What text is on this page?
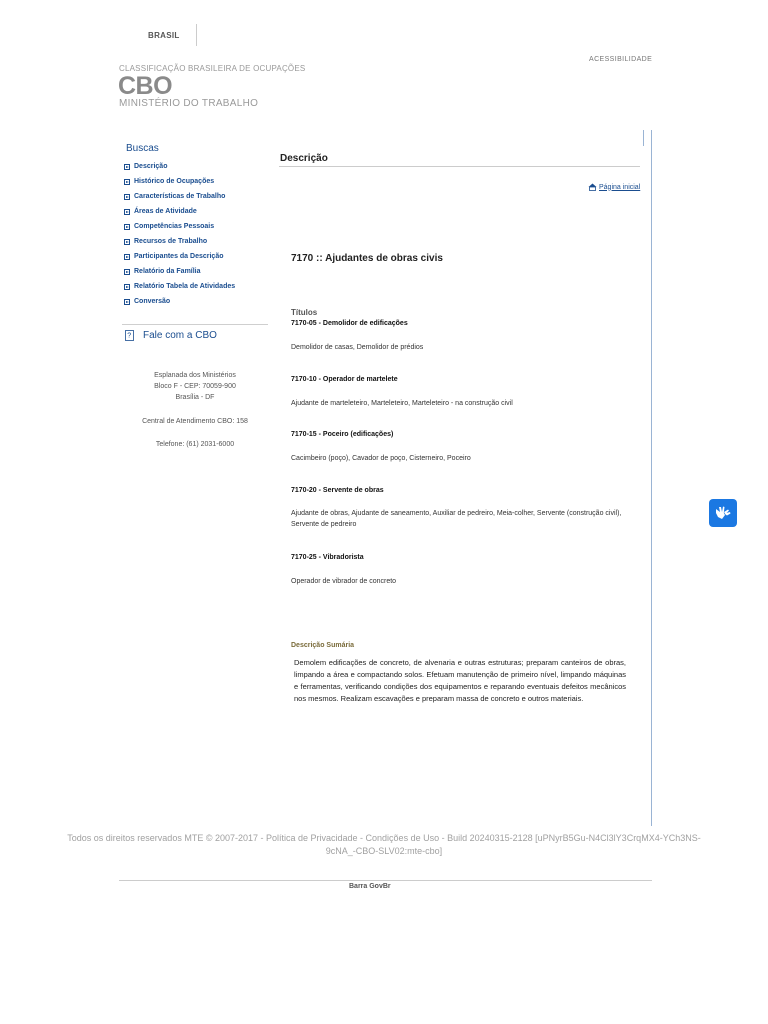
BRASIL
ACESSIBILIDADE
CLASSIFICAÇÃO BRASILEIRA DE OCUPAÇÕES
CBO
MINISTÉRIO DO TRABALHO
Buscas
Descrição
Histórico de Ocupações
Características de Trabalho
Áreas de Atividade
Competências Pessoais
Recursos de Trabalho
Participantes da Descrição
Relatório da Família
Relatório Tabela de Atividades
Conversão
? Fale com a CBO
Esplanada dos Ministérios
Bloco F - CEP: 70059-900
Brasília - DF
Central de Atendimento CBO: 158
Telefone: (61) 2031-6000
Descrição
Página inicial
7170 :: Ajudantes de obras civis
Títulos
7170-05 - Demolidor de edificações
Demolidor de casas, Demolidor de prédios
7170-10 - Operador de martelete
Ajudante de marteleteiro, Marteleteiro, Marteleteiro - na construção civil
7170-15 - Poceiro (edificações)
Cacimbeiro (poço), Cavador de poço, Cisterneiro, Poceiro
7170-20 - Servente de obras
Ajudante de obras, Ajudante de saneamento, Auxiliar de pedreiro, Meia-colher, Servente (construção civil), Servente de pedreiro
7170-25 - Vibradorista
Operador de vibrador de concreto
Descrição Sumária
Demolem edificações de concreto, de alvenaria e outras estruturas; preparam canteiros de obras, limpando a área e compactando solos. Efetuam manutenção de primeiro nível, limpando máquinas e ferramentas, verificando condições dos equipamentos e reparando eventuais defeitos mecânicos nos mesmos. Realizam escavações e preparam massa de concreto e outros materiais.
Todos os direitos reservados MTE © 2007-2017 - Política de Privacidade - Condições de Uso - Build 20240315-2128 [uPNyrB5Gu-N4Cl3lY3CrqMX4-YCh3NS-9cNA_-CBO-SLV02:mte-cbo]
Barra GovBr
